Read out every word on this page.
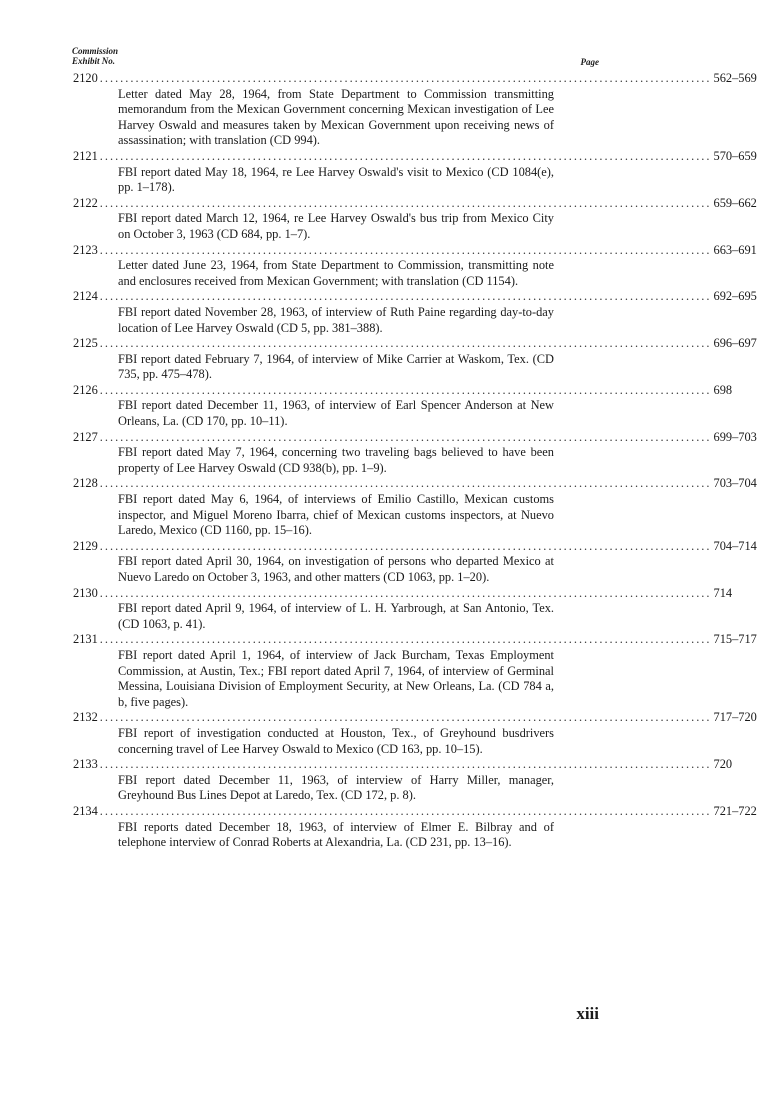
Commission
Exhibit No.	Page
2120 ........................................................................................................................ 562–569
Letter dated May 28, 1964, from State Department to Commission transmitting memorandum from the Mexican Government concerning Mexican investigation of Lee Harvey Oswald and measures taken by Mexican Government upon receiving news of assassination; with translation (CD 994).
2121 ........................................................................................................................ 570–659
FBI report dated May 18, 1964, re Lee Harvey Oswald's visit to Mexico (CD 1084(e), pp. 1–178).
2122 ........................................................................................................................ 659–662
FBI report dated March 12, 1964, re Lee Harvey Oswald's bus trip from Mexico City on October 3, 1963 (CD 684, pp. 1–7).
2123 ........................................................................................................................ 663–691
Letter dated June 23, 1964, from State Department to Commission, transmitting note and enclosures received from Mexican Government; with translation (CD 1154).
2124 ........................................................................................................................ 692–695
FBI report dated November 28, 1963, of interview of Ruth Paine regarding day-to-day location of Lee Harvey Oswald (CD 5, pp. 381–388).
2125 ........................................................................................................................ 696–697
FBI report dated February 7, 1964, of interview of Mike Carrier at Waskom, Tex. (CD 735, pp. 475–478).
2126 ........................................................................................................................ 698
FBI report dated December 11, 1963, of interview of Earl Spencer Anderson at New Orleans, La. (CD 170, pp. 10–11).
2127 ........................................................................................................................ 699–703
FBI report dated May 7, 1964, concerning two traveling bags believed to have been property of Lee Harvey Oswald (CD 938(b), pp. 1–9).
2128 ........................................................................................................................ 703–704
FBI report dated May 6, 1964, of interviews of Emilio Castillo, Mexican customs inspector, and Miguel Moreno Ibarra, chief of Mexican customs inspectors, at Nuevo Laredo, Mexico (CD 1160, pp. 15–16).
2129 ........................................................................................................................ 704–714
FBI report dated April 30, 1964, on investigation of persons who departed Mexico at Nuevo Laredo on October 3, 1963, and other matters (CD 1063, pp. 1–20).
2130 ........................................................................................................................ 714
FBI report dated April 9, 1964, of interview of L. H. Yarbrough, at San Antonio, Tex. (CD 1063, p. 41).
2131 ........................................................................................................................ 715–717
FBI report dated April 1, 1964, of interview of Jack Burcham, Texas Employment Commission, at Austin, Tex.; FBI report dated April 7, 1964, of interview of Germinal Messina, Louisiana Division of Employment Security, at New Orleans, La. (CD 784 a, b, five pages).
2132 ........................................................................................................................ 717–720
FBI report of investigation conducted at Houston, Tex., of Greyhound busdrivers concerning travel of Lee Harvey Oswald to Mexico (CD 163, pp. 10–15).
2133 ........................................................................................................................ 720
FBI report dated December 11, 1963, of interview of Harry Miller, manager, Greyhound Bus Lines Depot at Laredo, Tex. (CD 172, p. 8).
2134 ........................................................................................................................ 721–722
FBI reports dated December 18, 1963, of interview of Elmer E. Bilbray and of telephone interview of Conrad Roberts at Alexandria, La. (CD 231, pp. 13–16).
xiii
